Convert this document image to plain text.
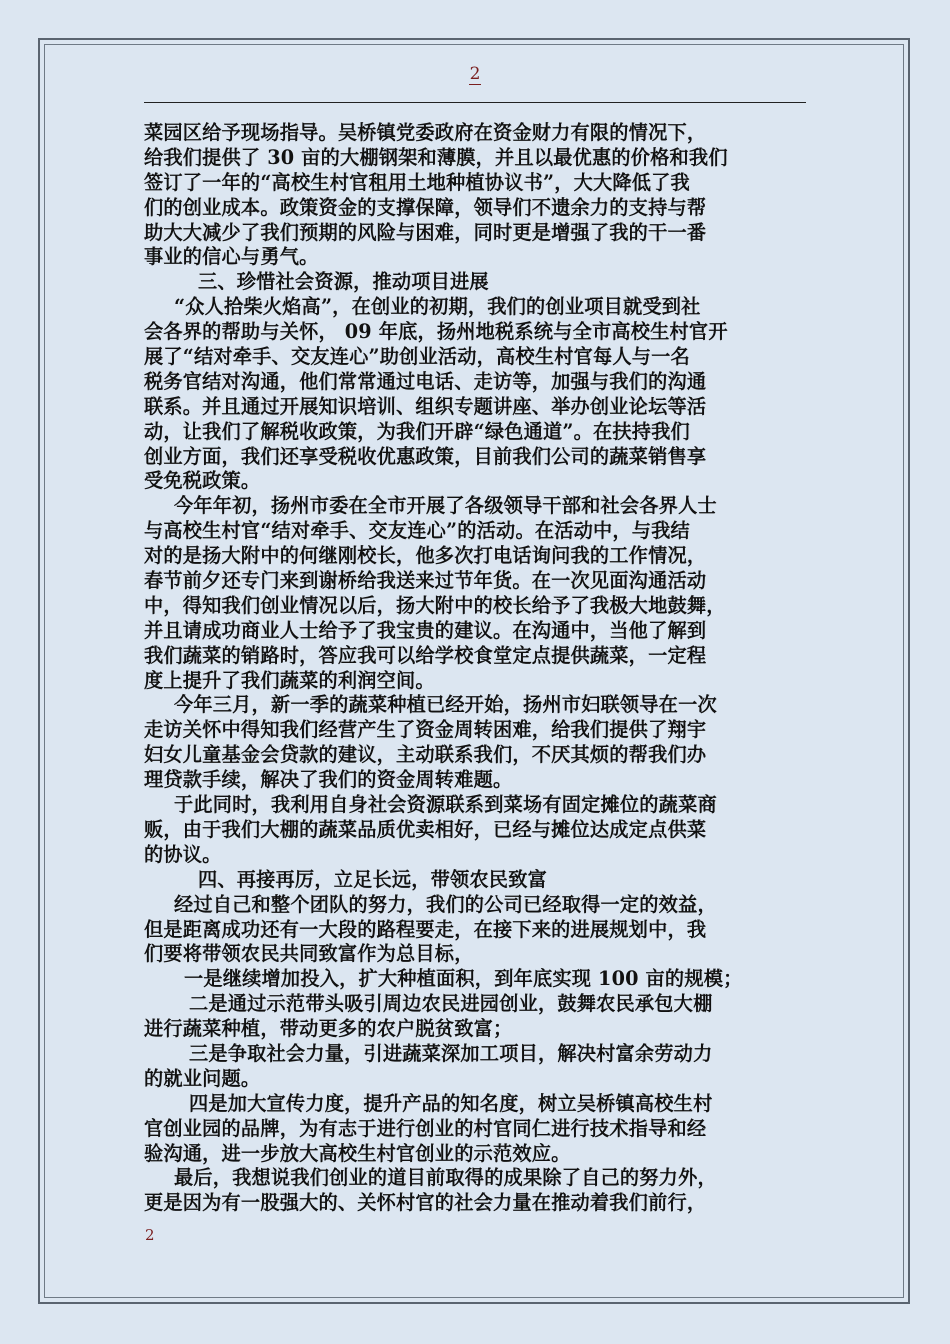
2
菜园区给予现场指导。吴桥镇党委政府在资金财力有限的情况下，
给我们提供了 30 亩的大棚钢架和薄膜，并且以最优惠的价格和我们
签订了一年的“高校生村官租用土地种植协议书”，大大降低了我
们的创业成本。政策资金的支撑保障，领导们不遗余力的支持与帮
助大大减少了我们预期的风险与困难，同时更是增强了我的干一番
事业的信心与勇气。
三、珍惜社会资源，推动项目进展
“众人拾柴火焰高”，在创业的初期，我们的创业项目就受到社
会各界的帮助与关怀， 09 年底，扬州地税系统与全市高校生村官开
展了“结对牵手、交友连心”助创业活动，高校生村官每人与一名
税务官结对沟通，他们常常通过电话、走访等，加强与我们的沟通
联系。并且通过开展知识培训、组织专题讲座、举办创业论坛等活
动，让我们了解税收政策，为我们开辟“绿色通道”。在扶持我们
创业方面，我们还享受税收优惠政策，目前我们公司的蔬菜销售享
受免税政策。
今年年初，扬州市委在全市开展了各级领导干部和社会各界人士
与高校生村官“结对牵手、交友连心”的活动。在活动中，与我结
对的是扬大附中的何继刚校长，他多次打电话询问我的工作情况，
春节前夕还专门来到谢桥给我送来过节年货。在一次见面沟通活动
中，得知我们创业情况以后，扬大附中的校长给予了我极大地鼓舞，
并且请成功商业人士给予了我宝贵的建议。在沟通中，当他了解到
我们蔬菜的销路时，答应我可以给学校食堂定点提供蔬菜，一定程
度上提升了我们蔬菜的利润空间。
今年三月，新一季的蔬菜种植已经开始，扬州市妇联领导在一次
走访关怀中得知我们经营产生了资金周转困难，给我们提供了翔宇
妇女儿童基金会贷款的建议，主动联系我们，不厌其烦的帮我们办
理贷款手续，解决了我们的资金周转难题。
于此同时，我利用自身社会资源联系到菜场有固定摊位的蔬菜商
贩，由于我们大棚的蔬菜品质优卖相好，已经与摊位达成定点供菜
的协议。
四、再接再厉，立足长远，带领农民致富
经过自己和整个团队的努力，我们的公司已经取得一定的效益，
但是距离成功还有一大段的路程要走，在接下来的进展规划中，我
们要将带领农民共同致富作为总目标，
一是继续增加投入，扩大种植面积，到年底实现 100 亩的规模；
二是通过示范带头吸引周边农民进园创业，鼓舞农民承包大棚
进行蔬菜种植，带动更多的农户脱贫致富；
三是争取社会力量，引进蔬菜深加工项目，解决村富余劳动力
的就业问题。
四是加大宣传力度，提升产品的知名度，树立吴桥镇高校生村
官创业园的品牌，为有志于进行创业的村官同仁进行技术指导和经
验沟通，进一步放大高校生村官创业的示范效应。
最后，我想说我们创业的道目前取得的成果除了自己的努力外，
更是因为有一股强大的、关怀村官的社会力量在推动着我们前行，
2
